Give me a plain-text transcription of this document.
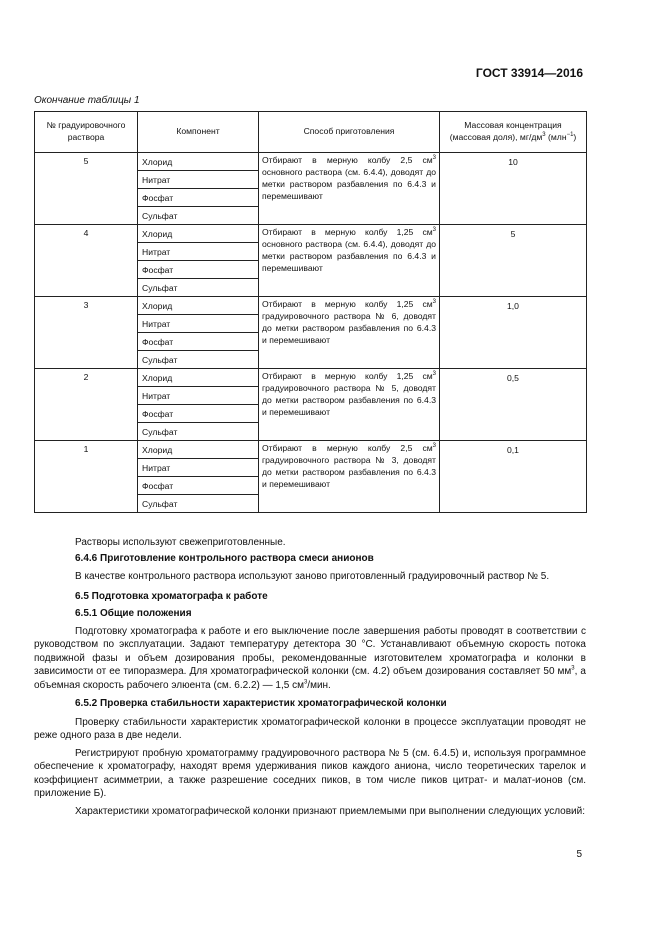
ГОСТ 33914—2016
Окончание таблицы 1
№ градуировочного раствора	Компонент	Способ приготовления	Массовая концентрация (массовая доля), $мг/дм^3$ (млн$^{-1}$)
5	Хлорид	Отбирают в мерную колбу 2,5 $см^3$ основного раствора (см. 6.4.4), доводят до метки раствором разбавления по 6.4.3 и перемешивают	10
	Нитрат		
	Фосфат		
	Сульфат		
4	Хлорид	Отбирают в мерную колбу 1,25 $см^3$ основного раствора (см. 6.4.4), доводят до метки раствором разбавления по 6.4.3 и перемешивают	5
	Нитрат		
	Фосфат		
	Сульфат		
3	Хлорид	Отбирают в мерную колбу 1,25 $см^3$ градуировочного раствора № 6, доводят до метки раствором разбавления по 6.4.3 и перемешивают	1,0
	Нитрат		
	Фосфат		
	Сульфат		
2	Хлорид	Отбирают в мерную колбу 1,25 $см^3$ градуировочного раствора № 5, доводят до метки раствором разбавления по 6.4.3 и перемешивают	0,5
	Нитрат		
	Фосфат		
	Сульфат		
1	Хлорид	Отбирают в мерную колбу 2,5 $см^3$ градуировочного раствора № 3, доводят до метки раствором разбавления по 6.4.3 и перемешивают	0,1
	Нитрат		
	Фосфат		
	Сульфат		

Растворы используют свежеприготовленные.

6.4.6 Приготовление контрольного раствора смеси анионов

В качестве контрольного раствора используют заново приготовленный градуировочный раствор № 5.

6.5 Подготовка хроматографа к работе

6.5.1 Общие положения

Подготовку хроматографа к работе и его выключение после завершения работы проводят в соответствии с руководством по эксплуатации. Задают температуру детектора 30 °С. Устанавливают объемную скорость потока подвижной фазы и объем дозирования пробы, рекомендованные изготовителем хроматографа и колонки в зависимости от ее типоразмера. Для хроматографической колонки (см. 4.2) объем дозирования составляет 50 $мм^3$, а объемная скорость рабочего элюента (см. 6.2.2) — 1,5 $см^3$/мин.

6.5.2 Проверка стабильности характеристик хроматографической колонки

Проверку стабильности характеристик хроматографической колонки в процессе эксплуатации проводят не реже одного раза в две недели.

Регистрируют пробную хроматограмму градуировочного раствора № 5 (см. 6.4.5) и, используя программное обеспечение к хроматографу, находят время удерживания пиков каждого аниона, число теоретических тарелок и коэффициент асимметрии, а также разрешение соседних пиков, в том числе пиков цитрат- и малат-ионов (см. приложение Б).

Характеристики хроматографической колонки признают приемлемыми при выполнении следующих условий:

5
